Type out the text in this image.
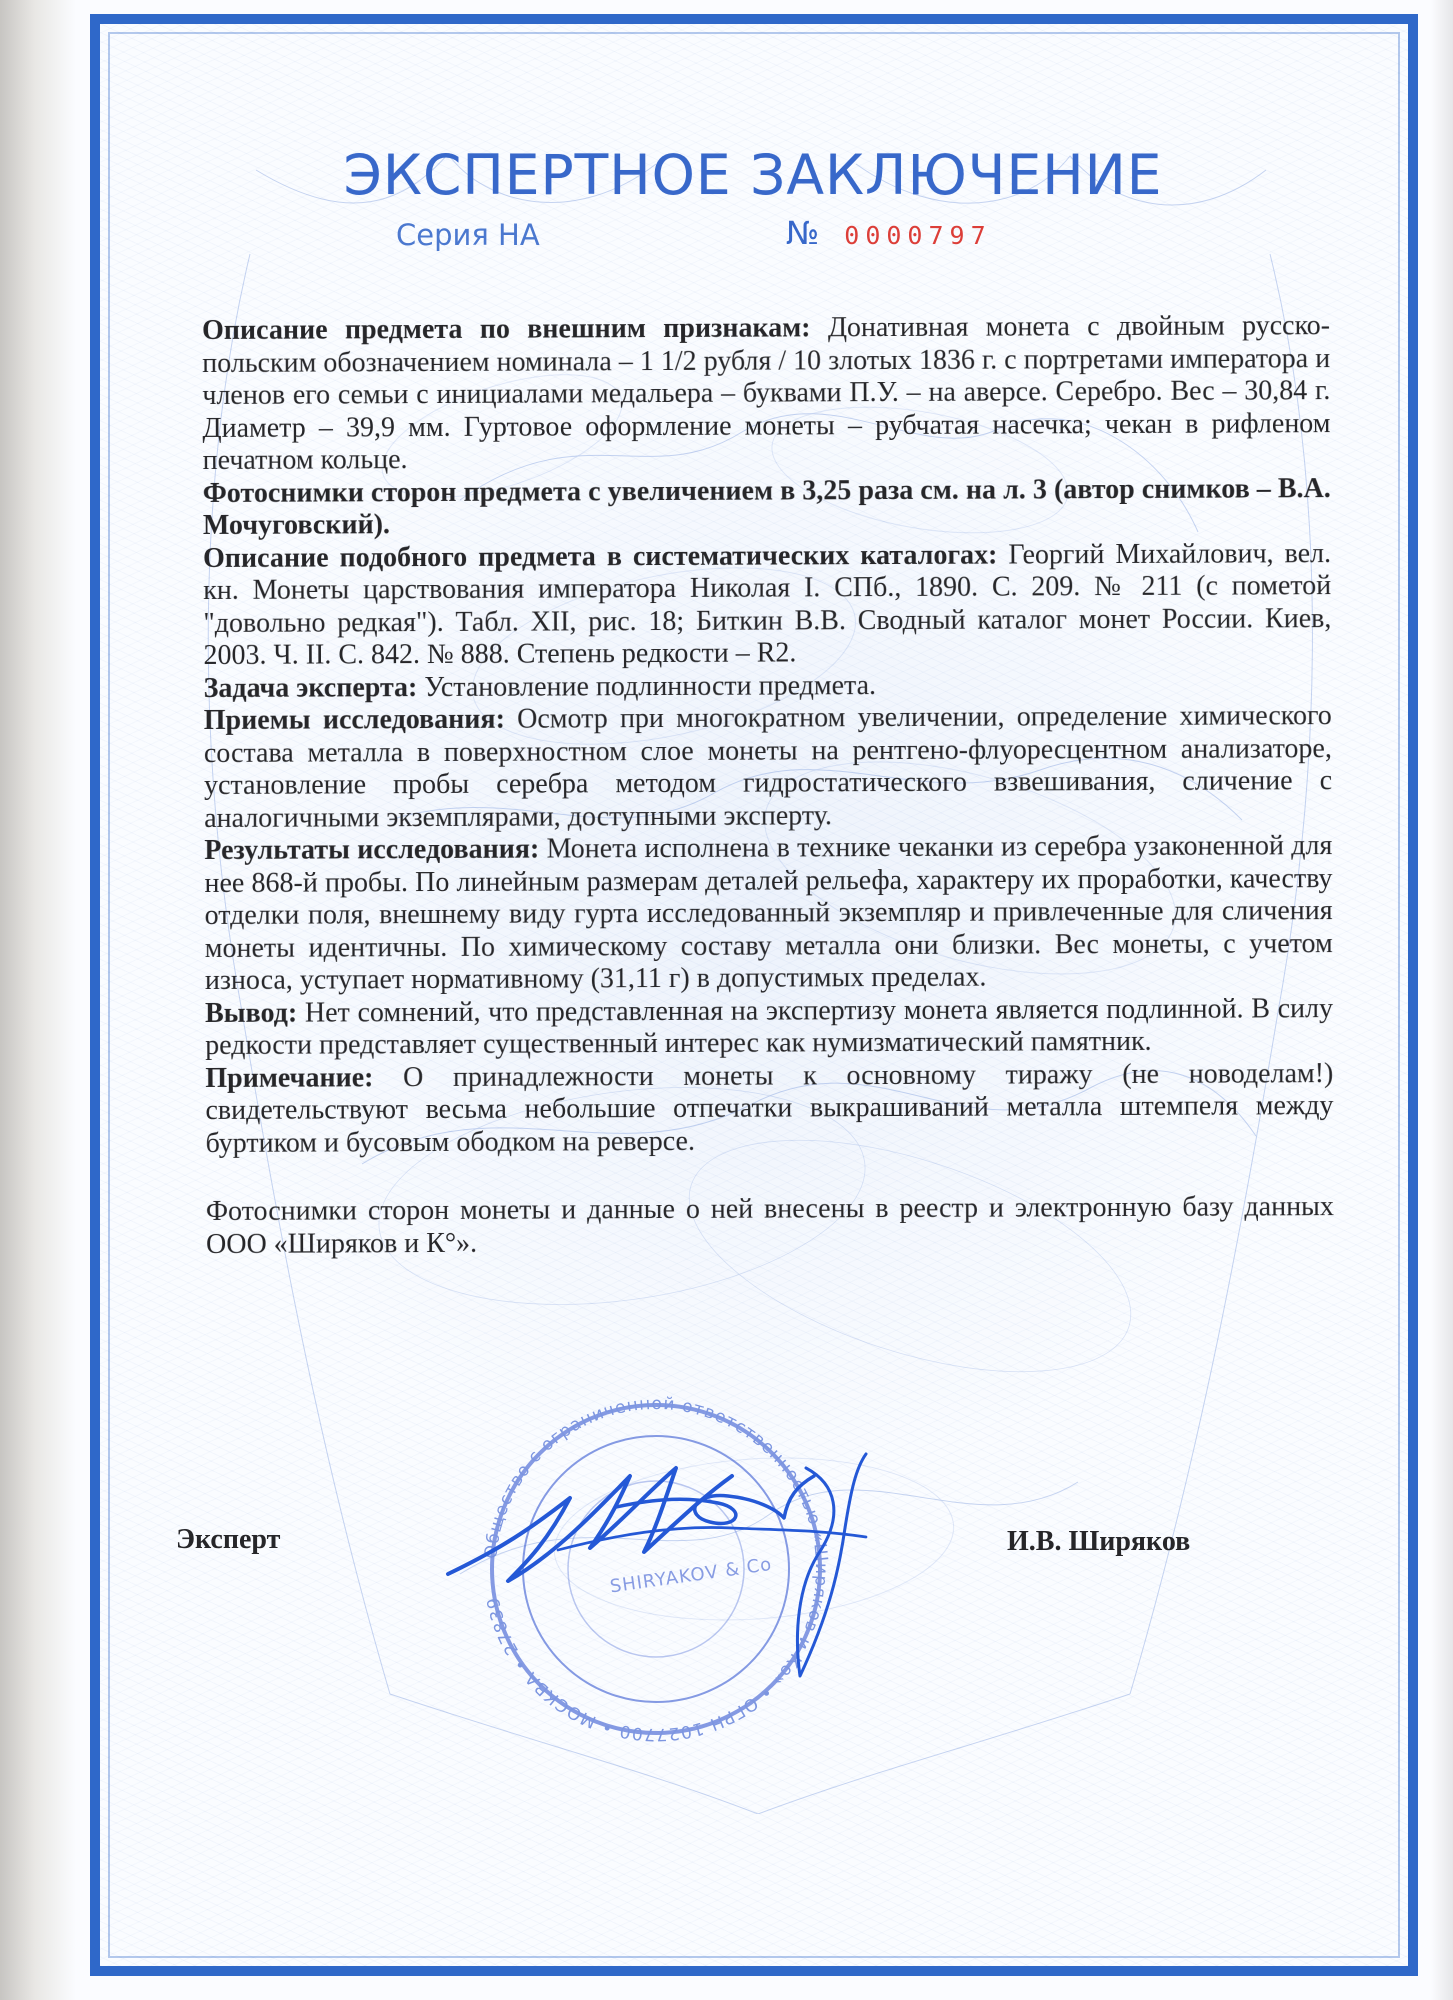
ЭКСПЕРТНОЕ ЗАКЛЮЧЕНИЕ
Серия НА	№ 0000797

Описание предмета по внешним признакам: Донативная монета с двойным русско-польским обозначением номинала – 1 1/2 рубля / 10 злотых 1836 г. с портретами императора и членов его семьи с инициалами медальера – буквами П.У. – на аверсе. Серебро. Вес – 30,84 г. Диаметр – 39,9 мм. Гуртовое оформление монеты – рубчатая насечка; чекан в рифленом печатном кольце.

Фотоснимки сторон предмета с увеличением в 3,25 раза см. на л. 3 (автор снимков – В.А. Мочуговский).

Описание подобного предмета в систематических каталогах: Георгий Михайлович, вел. кн. Монеты царствования императора Николая I. СПб., 1890. С. 209. № 211 (с пометой "довольно редкая"). Табл. XII, рис. 18; Биткин В.В. Сводный каталог монет России. Киев, 2003. Ч. II. С. 842. № 888. Степень редкости – R2.

Задача эксперта: Установление подлинности предмета.

Приемы исследования: Осмотр при многократном увеличении, определение химического состава металла в поверхностном слое монеты на рентгено-флуоресцентном анализаторе, установление пробы серебра методом гидростатического взвешивания, сличение с аналогичными экземплярами, доступными эксперту.

Результаты исследования: Монета исполнена в технике чеканки из серебра узаконенной для нее 868-й пробы. По линейным размерам деталей рельефа, характеру их проработки, качеству отделки поля, внешнему виду гурта исследованный экземпляр и привлеченные для сличения монеты идентичны. По химическому составу металла они близки. Вес монеты, с учетом износа, уступает нормативному (31,11 г) в допустимых пределах.

Вывод: Нет сомнений, что представленная на экспертизу монета является подлинной. В силу редкости представляет существенный интерес как нумизматический памятник.

Примечание: О принадлежности монеты к основному тиражу (не новоделам!) свидетельствуют весьма небольшие отпечатки выкрашиваний металла штемпеля между буртиком и бусовым ободком на реверсе.

Фотоснимки сторон монеты и данные о ней внесены в реестр и электронную базу данных ООО «Ширяков и К°».

Эксперт	И.В. Ширяков
Общество с ограниченной ответственностью «Ширяков и Ко» • ОГРН 1027700 • МОСКВА • 27839
SHIRYAKOV & Co
